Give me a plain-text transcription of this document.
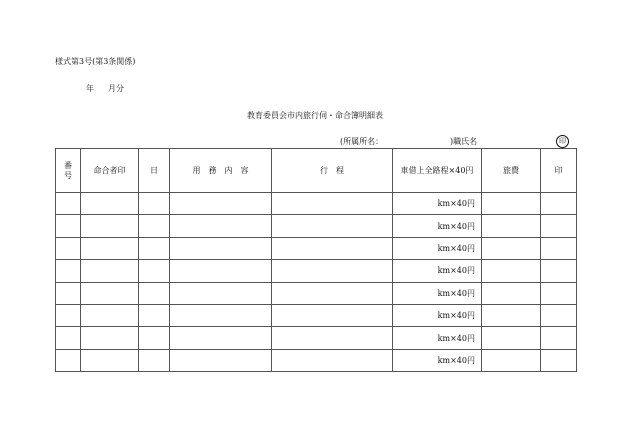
様式第3号(第3条関係)
年 月分
教育委員会市内旅行伺・命合簿明細表
(所属所名：	)職氏名	印
番号	命合者印	日	用　務　内　容	行　程	車借上全路程×40円	旅費	印
					km×40円		
					km×40円		
					km×40円		
					km×40円		
					km×40円		
					km×40円		
					km×40円		
					km×40円		
